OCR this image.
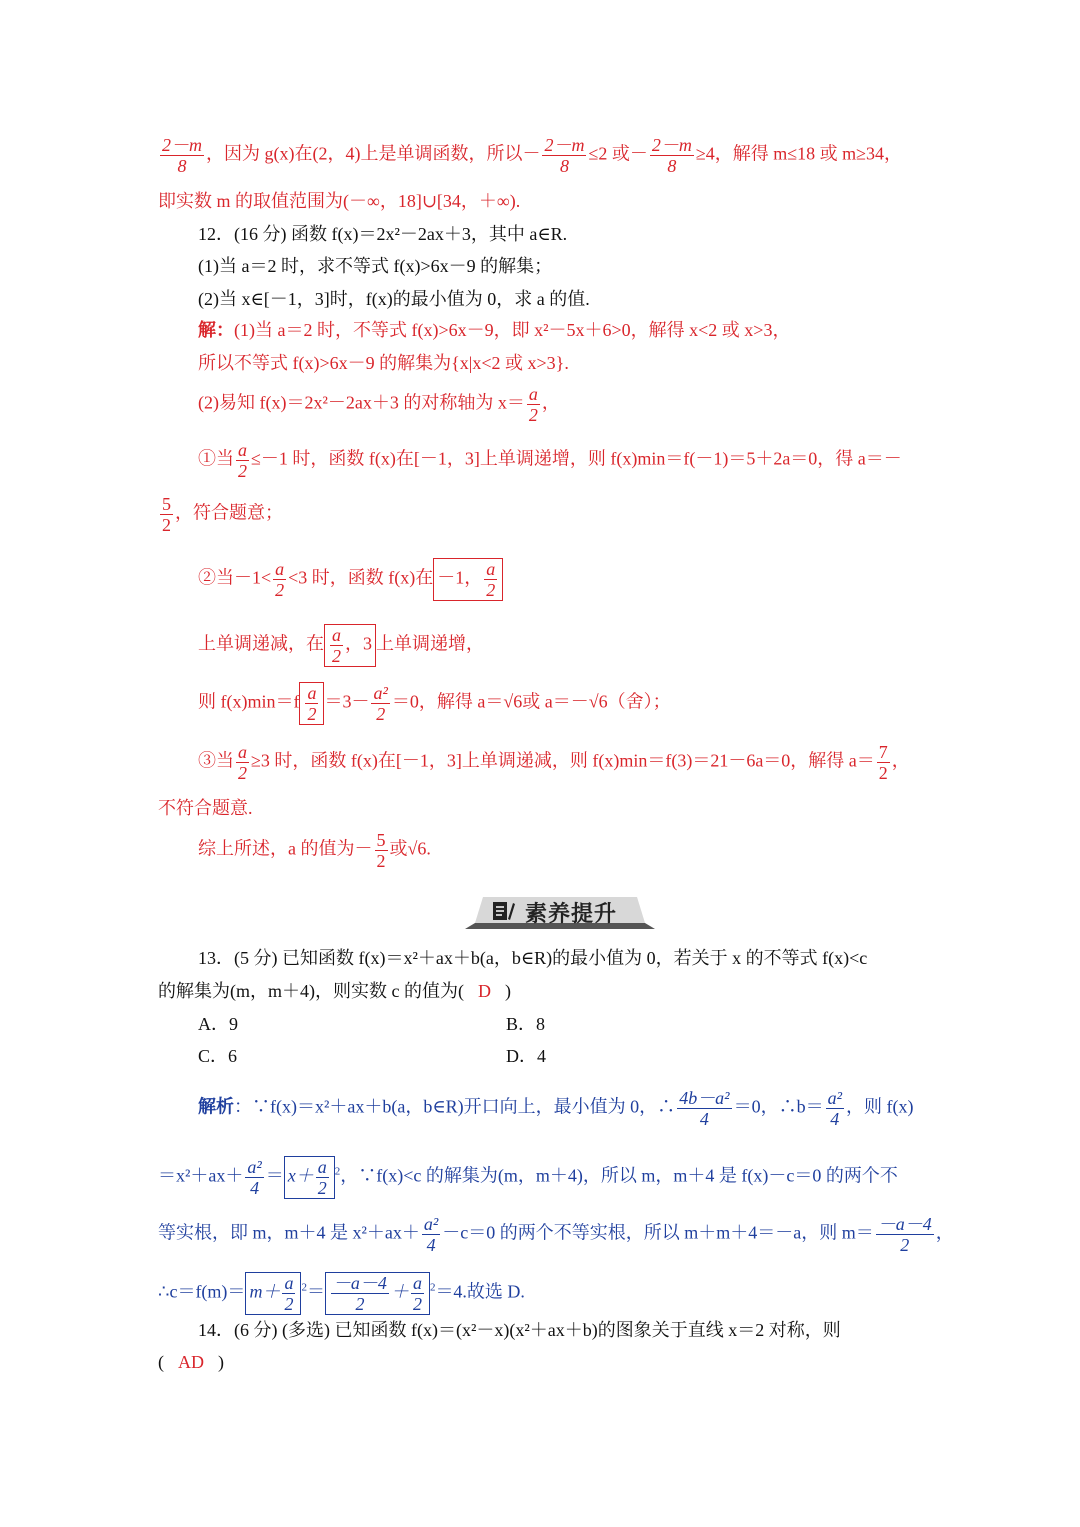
$\frac{2-m}{8}$ ，因为 g(x)在(2，4)上是单调函数，所以－ $\frac{2-m}{8} \le 2$ 或－ $\frac{2-m}{8} \ge 4$，解得 m≤18 或 m≥34，
即实数 m 的取值范围为(－∞，18]∪[34，＋∞).
12．(16 分) 函数 f(x)＝2x²－2ax＋3，其中 a∈R.
(1)当 a＝2 时，求不等式 f(x)>6x－9 的解集；
(2)当 x∈[－1，3]时，f(x)的最小值为 0，求 a 的值.
解：(1)当 a＝2 时，不等式 f(x)>6x－9，即 x²－5x＋6>0，解得 x<2 或 x>3，
所以不等式 f(x)>6x－9 的解集为{x|x<2 或 x>3}.
(2)易知 f(x)＝2x²－2ax＋3 的对称轴为 $x= \frac{a}{2}$ ，
①当 $\frac{a}{2} \le-1$ 时，函数 f(x)在[－1，3]上单调递增，则 f(x)min＝f(－1)＝5＋2a＝0，得 a＝－
$\frac{5}{2}$ ，符合题意；
②当$-1< \frac{a}{2} <3$ 时，函数 f(x)在 －1， $\frac{a}{2}$
上单调递减，在 $\frac{a}{2}$ ，3 上单调递增，
则 $f(x)\min=f \frac{a}{2} =3- \frac{\text{a²}}{2} =0$，解得 a＝√6或 a＝－√6（舍）；
③当 $\frac{a}{2} \ge 3$ 时，函数 f(x)在[－1，3]上单调递减，则 f(x)min＝f(3)＝21－6a＝0，解得 $a= \frac{7}{2}$ ，
不符合题意.
综上所述，a 的值为－ $\frac{5}{2}$ 或√6.
素养提升
13．(5 分) 已知函数 f(x)＝x²＋ax＋b(a，b∈R)的最小值为 0，若关于 x 的不等式 f(x)<c
的解集为(m，m＋4)，则实数 c 的值为( D )
A．9	B．8
C．6	D．4
解析：∵f(x)＝x²＋ax＋b(a，b∈R)开口向上，最小值为 0，∴ $\frac{\text{4b－a²}}{4} =0$，∴b＝ $\frac{\text{a²}}{4}$ ，则 f(x)
$=x^2+ax+ \frac{\text{a²}}{4} = x+ \frac{a}{2} ^2$，∵f(x)<c 的解集为(m，m＋4)，所以 m，m＋4 是 f(x)－c＝0 的两个不
等实根，即 m，m＋4 是 $x^2+ax+ \frac{\text{a²}}{4} -c=0$ 的两个不等实根，所以 m＋m＋4＝－a，则 $m= \frac{-a-4}{2}$ ，
∴c＝f(m)＝ $m+ \frac{a}{2} ^2= \frac{-a-4}{2} + \frac{a}{2} ^2=4$.故选 D.
14．(6 分) (多选) 已知函数 f(x)＝(x²－x)(x²＋ax＋b)的图象关于直线 x＝2 对称，则
( AD )
